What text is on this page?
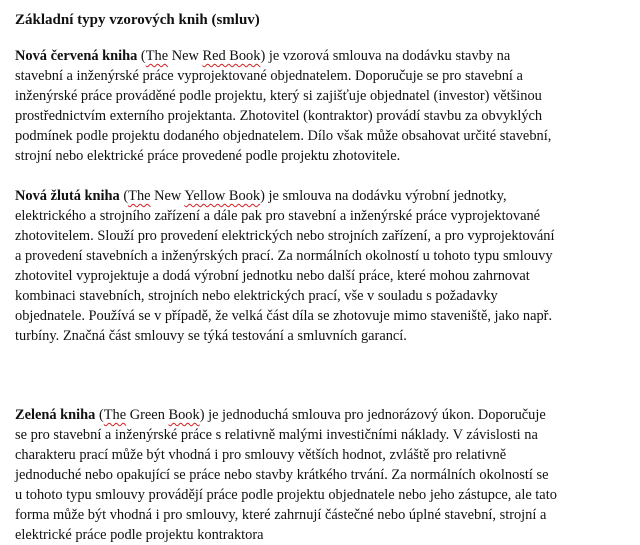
Základní typy vzorových knih (smluv)
Nová červená kniha (The New Red Book) je vzorová smlouva na dodávku stavby na
stavební a inženýrské práce vyprojektované objednatelem. Doporučuje se pro stavební a
inženýrské práce prováděné podle projektu, který si zajišťuje objednatel (investor) většinou
prostřednictvím externího projektanta. Zhotovitel (kontraktor) provádí stavbu za obvyklých
podmínek podle projektu dodaného objednatelem. Dílo však může obsahovat určité stavební,
strojní nebo elektrické práce provedené podle projektu zhotovitele.
Nová žlutá kniha (The New Yellow Book) je smlouva na dodávku výrobní jednotky,
elektrického a strojního zařízení a dále pak pro stavební a inženýrské práce vyprojektované
zhotovitelem. Slouží pro provedení elektrických nebo strojních zařízení, a pro vyprojektování
a provedení stavebních a inženýrských prací. Za normálních okolností u tohoto typu smlouvy
zhotovitel vyprojektuje a dodá výrobní jednotku nebo další práce, které mohou zahrnovat
kombinaci stavebních, strojních nebo elektrických prací, vše v souladu s požadavky
objednatele. Používá se v případě, že velká část díla se zhotovuje mimo staveniště, jako např.
turbíny. Značná část smlouvy se týká testování a smluvních garancí.
Zelená kniha (The Green Book) je jednoduchá smlouva pro jednorázový úkon. Doporučuje
se pro stavební a inženýrské práce s relativně malými investičními náklady. V závislosti na
charakteru prací může být vhodná i pro smlouvy větších hodnot, zvláště pro relativně
jednoduché nebo opakující se práce nebo stavby krátkého trvání. Za normálních okolností se
u tohoto typu smlouvy provádějí práce podle projektu objednatele nebo jeho zástupce, ale tato
forma může být vhodná i pro smlouvy, které zahrnují částečné nebo úplné stavební, strojní a
elektrické práce podle projektu kontraktora
